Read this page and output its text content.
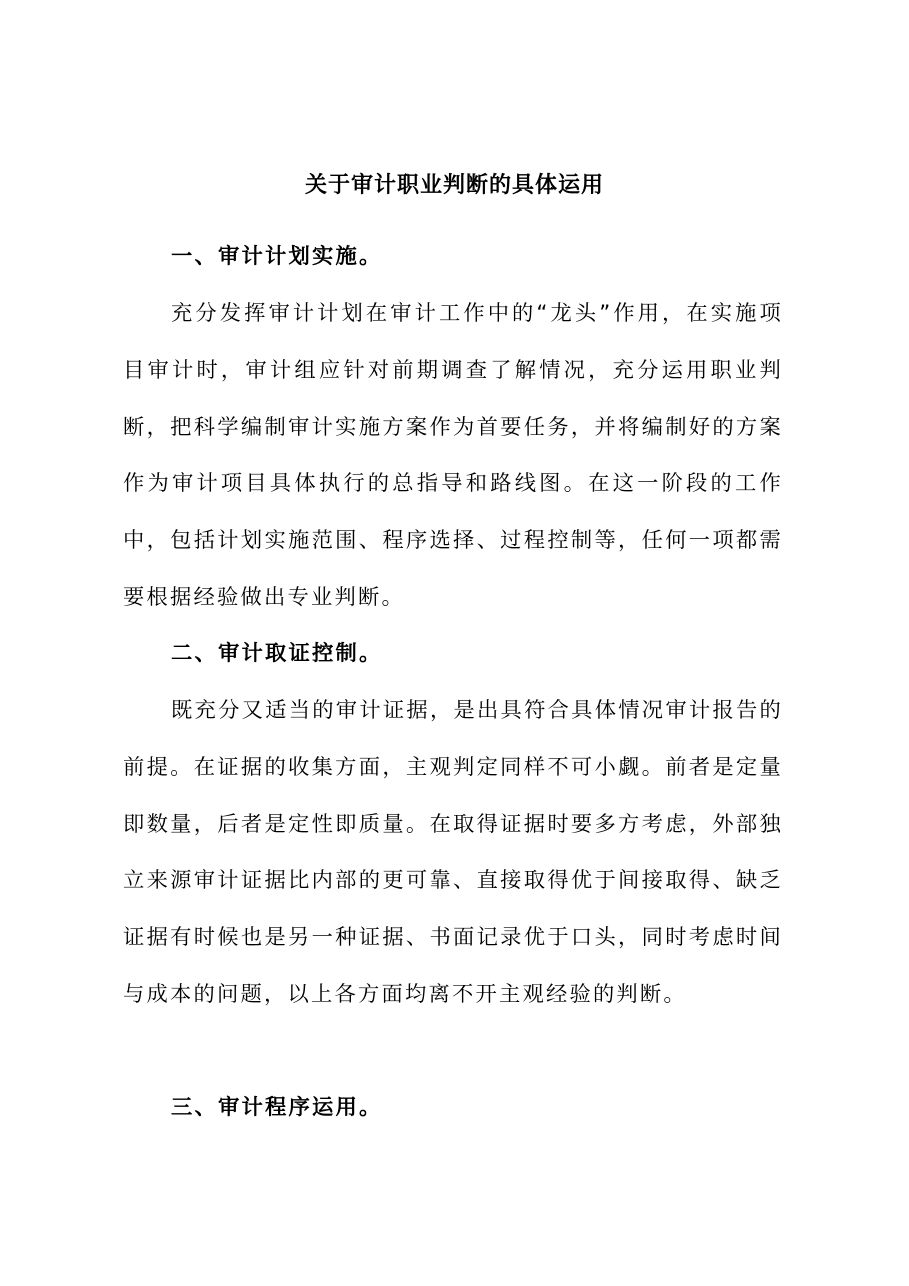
关于审计职业判断的具体运用
一、审计计划实施。
充分发挥审计计划在审计工作中的“龙头”作用，在实施项目审计时，审计组应针对前期调查了解情况，充分运用职业判断，把科学编制审计实施方案作为首要任务，并将编制好的方案作为审计项目具体执行的总指导和路线图。在这一阶段的工作中，包括计划实施范围、程序选择、过程控制等，任何一项都需要根据经验做出专业判断。
二、审计取证控制。
既充分又适当的审计证据，是出具符合具体情况审计报告的前提。在证据的收集方面，主观判定同样不可小觑。前者是定量即数量，后者是定性即质量。在取得证据时要多方考虑，外部独立来源审计证据比内部的更可靠、直接取得优于间接取得、缺乏证据有时候也是另一种证据、书面记录优于口头，同时考虑时间与成本的问题，以上各方面均离不开主观经验的判断。
三、审计程序运用。
